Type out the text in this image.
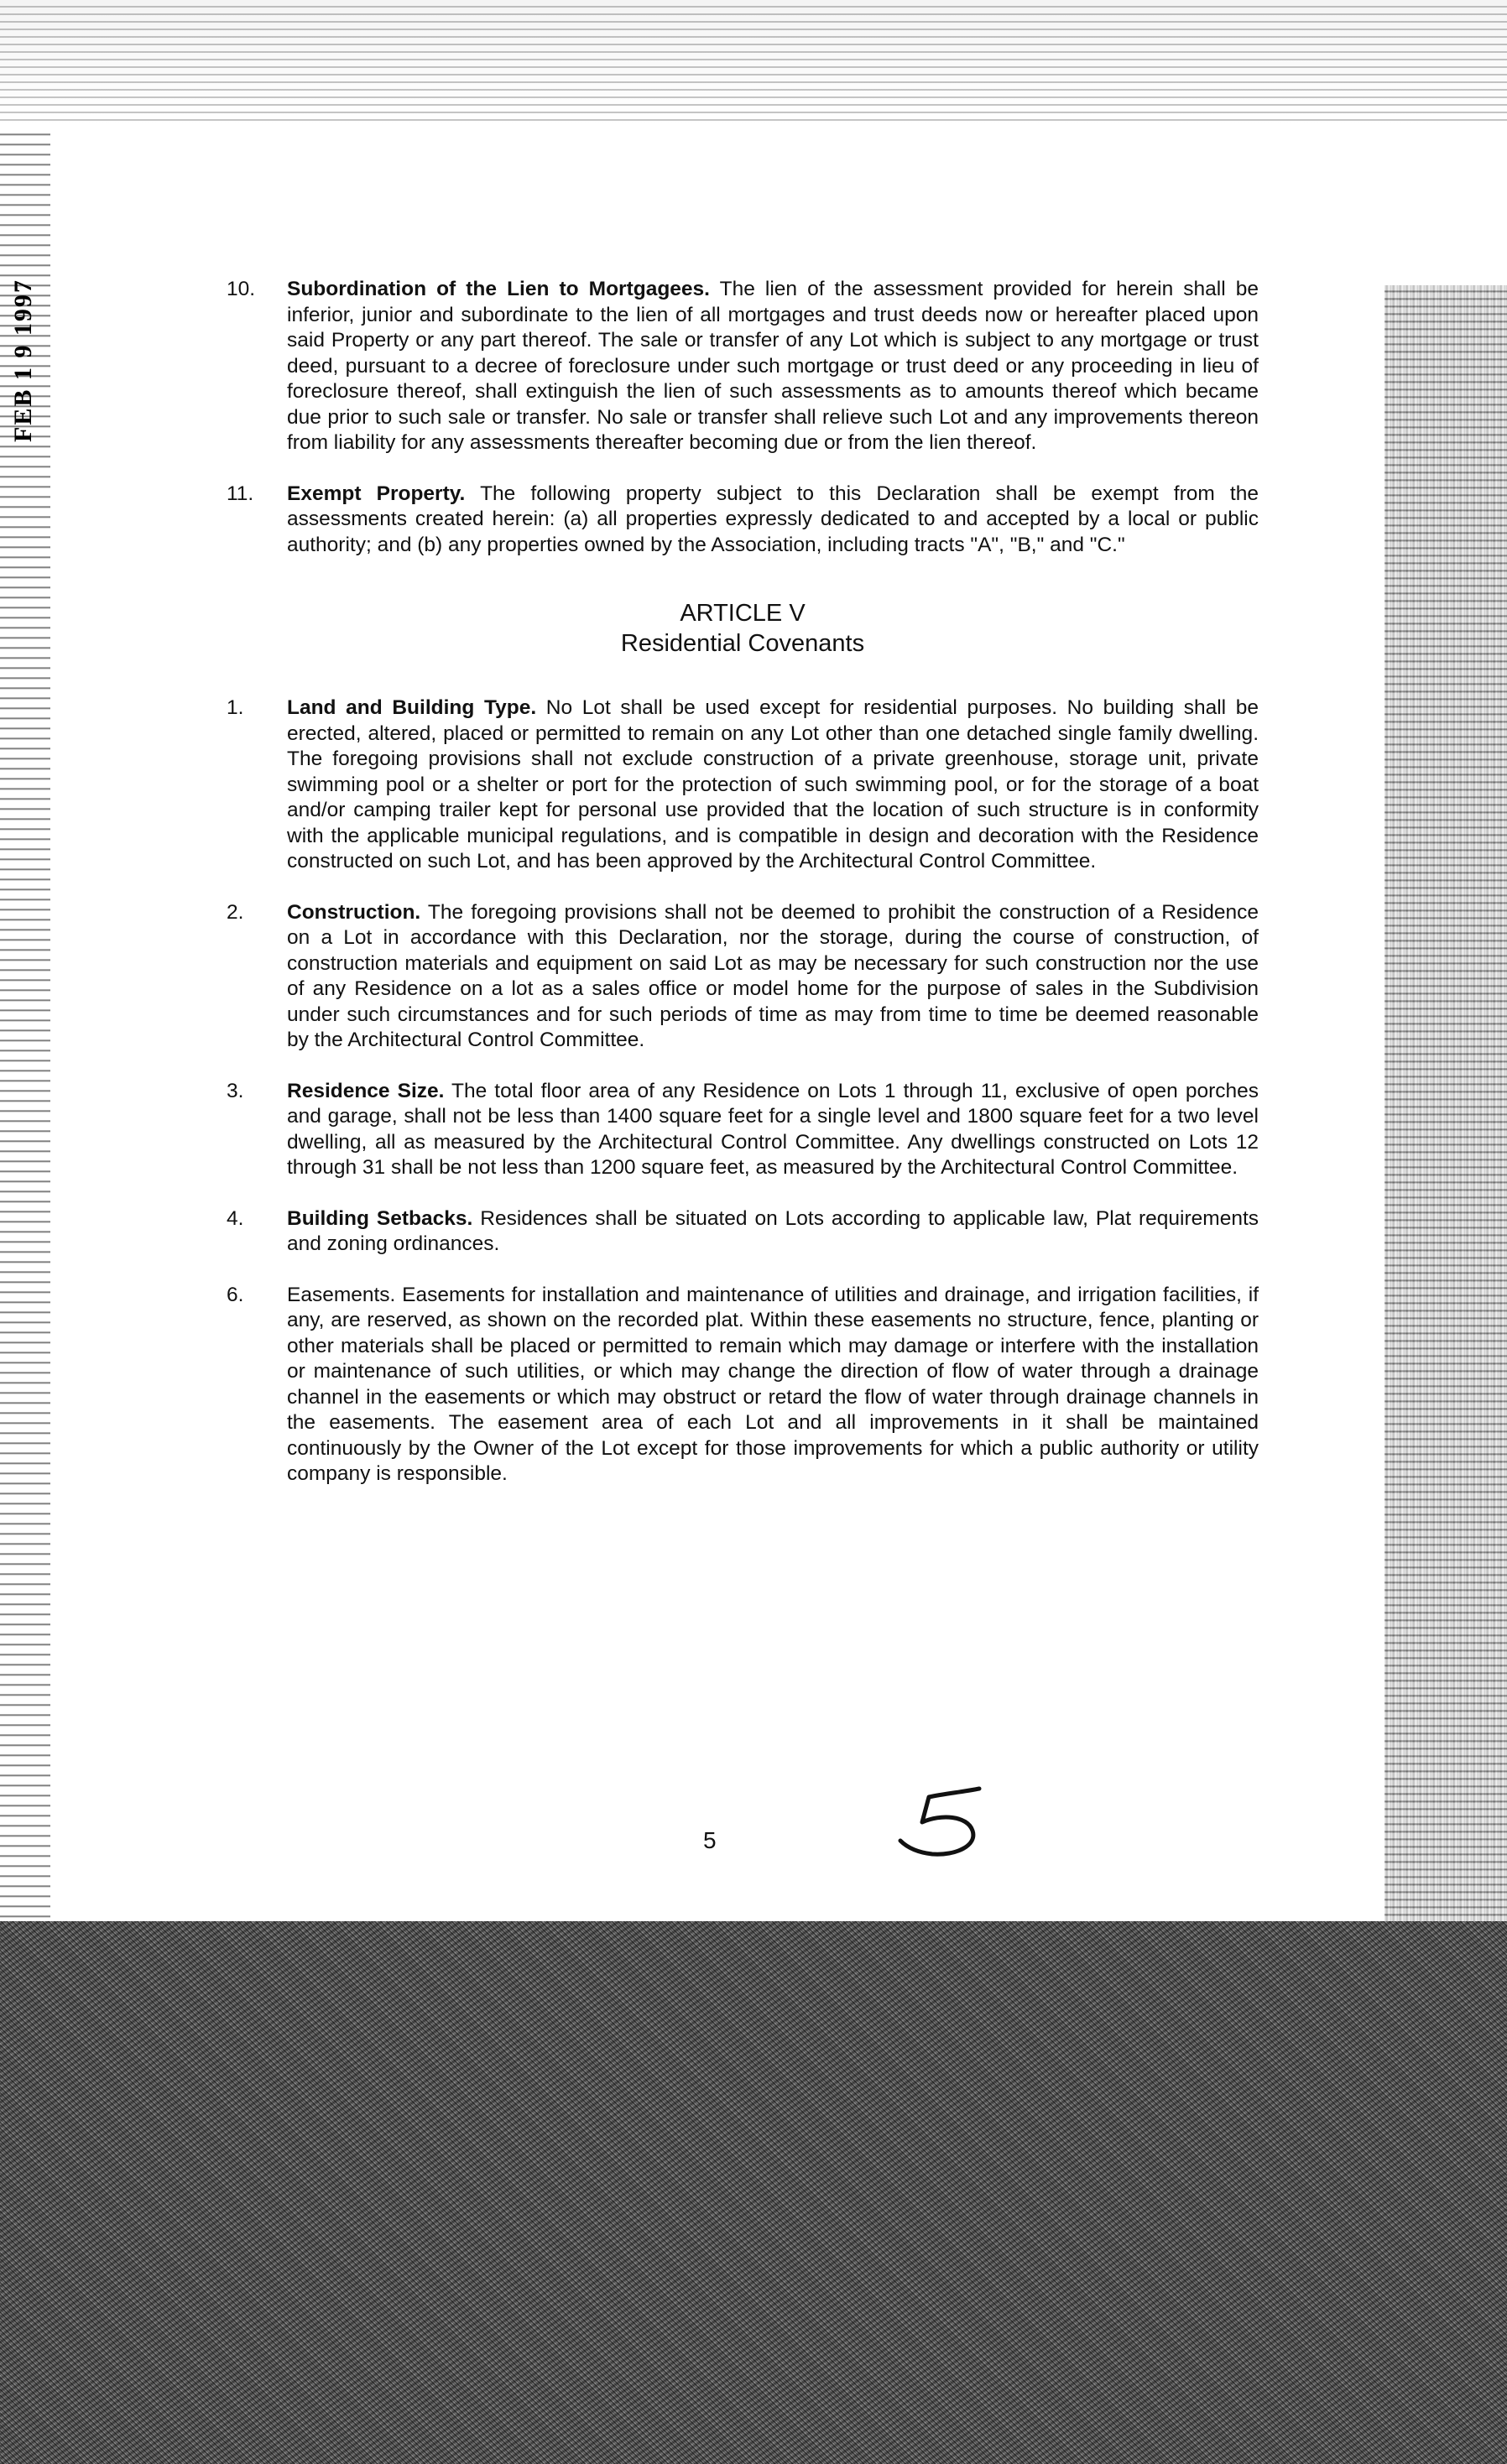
FEB 1 9 1997	10. Subordination of the Lien to Mortgagees. The lien of the assessment provided for herein shall be inferior, junior and subordinate to the lien of all mortgages and trust deeds now or hereafter placed upon said Property or any part thereof. The sale or transfer of any Lot which is subject to any mortgage or trust deed, pursuant to a decree of foreclosure under such mortgage or trust deed or any proceeding in lieu of foreclosure thereof, shall extinguish the lien of such assessments as to amounts thereof which became due prior to such sale or transfer. No sale or transfer shall relieve such Lot and any improvements thereon from liability for any assessments thereafter becoming due or from the lien thereof.

11. Exempt Property. The following property subject to this Declaration shall be exempt from the assessments created herein: (a) all properties expressly dedicated to and accepted by a local or public authority; and (b) any properties owned by the Association, including tracts "A", "B," and "C."

ARTICLE V

Residential Covenants

1. Land and Building Type. No Lot shall be used except for residential purposes. No building shall be erected, altered, placed or permitted to remain on any Lot other than one detached single family dwelling. The foregoing provisions shall not exclude construction of a private greenhouse, storage unit, private swimming pool or a shelter or port for the protection of such swimming pool, or for the storage of a boat and/or camping trailer kept for personal use provided that the location of such structure is in conformity with the applicable municipal regulations, and is compatible in design and decoration with the Residence constructed on such Lot, and has been approved by the Architectural Control Committee.

2. Construction. The foregoing provisions shall not be deemed to prohibit the construction of a Residence on a Lot in accordance with this Declaration, nor the storage, during the course of construction, of construction materials and equipment on said Lot as may be necessary for such construction nor the use of any Residence on a lot as a sales office or model home for the purpose of sales in the Subdivision under such circumstances and for such periods of time as may from time to time be deemed reasonable by the Architectural Control Committee.

3. Residence Size. The total floor area of any Residence on Lots 1 through 11, exclusive of open porches and garage, shall not be less than 1400 square feet for a single level and 1800 square feet for a two level dwelling, all as measured by the Architectural Control Committee. Any dwellings constructed on Lots 12 through 31 shall be not less than 1200 square feet, as measured by the Architectural Control Committee.

4. Building Setbacks. Residences shall be situated on Lots according to applicable law, Plat requirements and zoning ordinances.

6. Easements. Easements for installation and maintenance of utilities and drainage, and irrigation facilities, if any, are reserved, as shown on the recorded plat. Within these easements no structure, fence, planting or other materials shall be placed or permitted to remain which may damage or interfere with the installation or maintenance of such utilities, or which may change the direction of flow of water through a drainage channel in the easements or which may obstruct or retard the flow of water through drainage channels in the easements. The easement area of each Lot and all improvements in it shall be maintained continuously by the Owner of the Lot except for those improvements for which a public authority or utility company is responsible.

5
